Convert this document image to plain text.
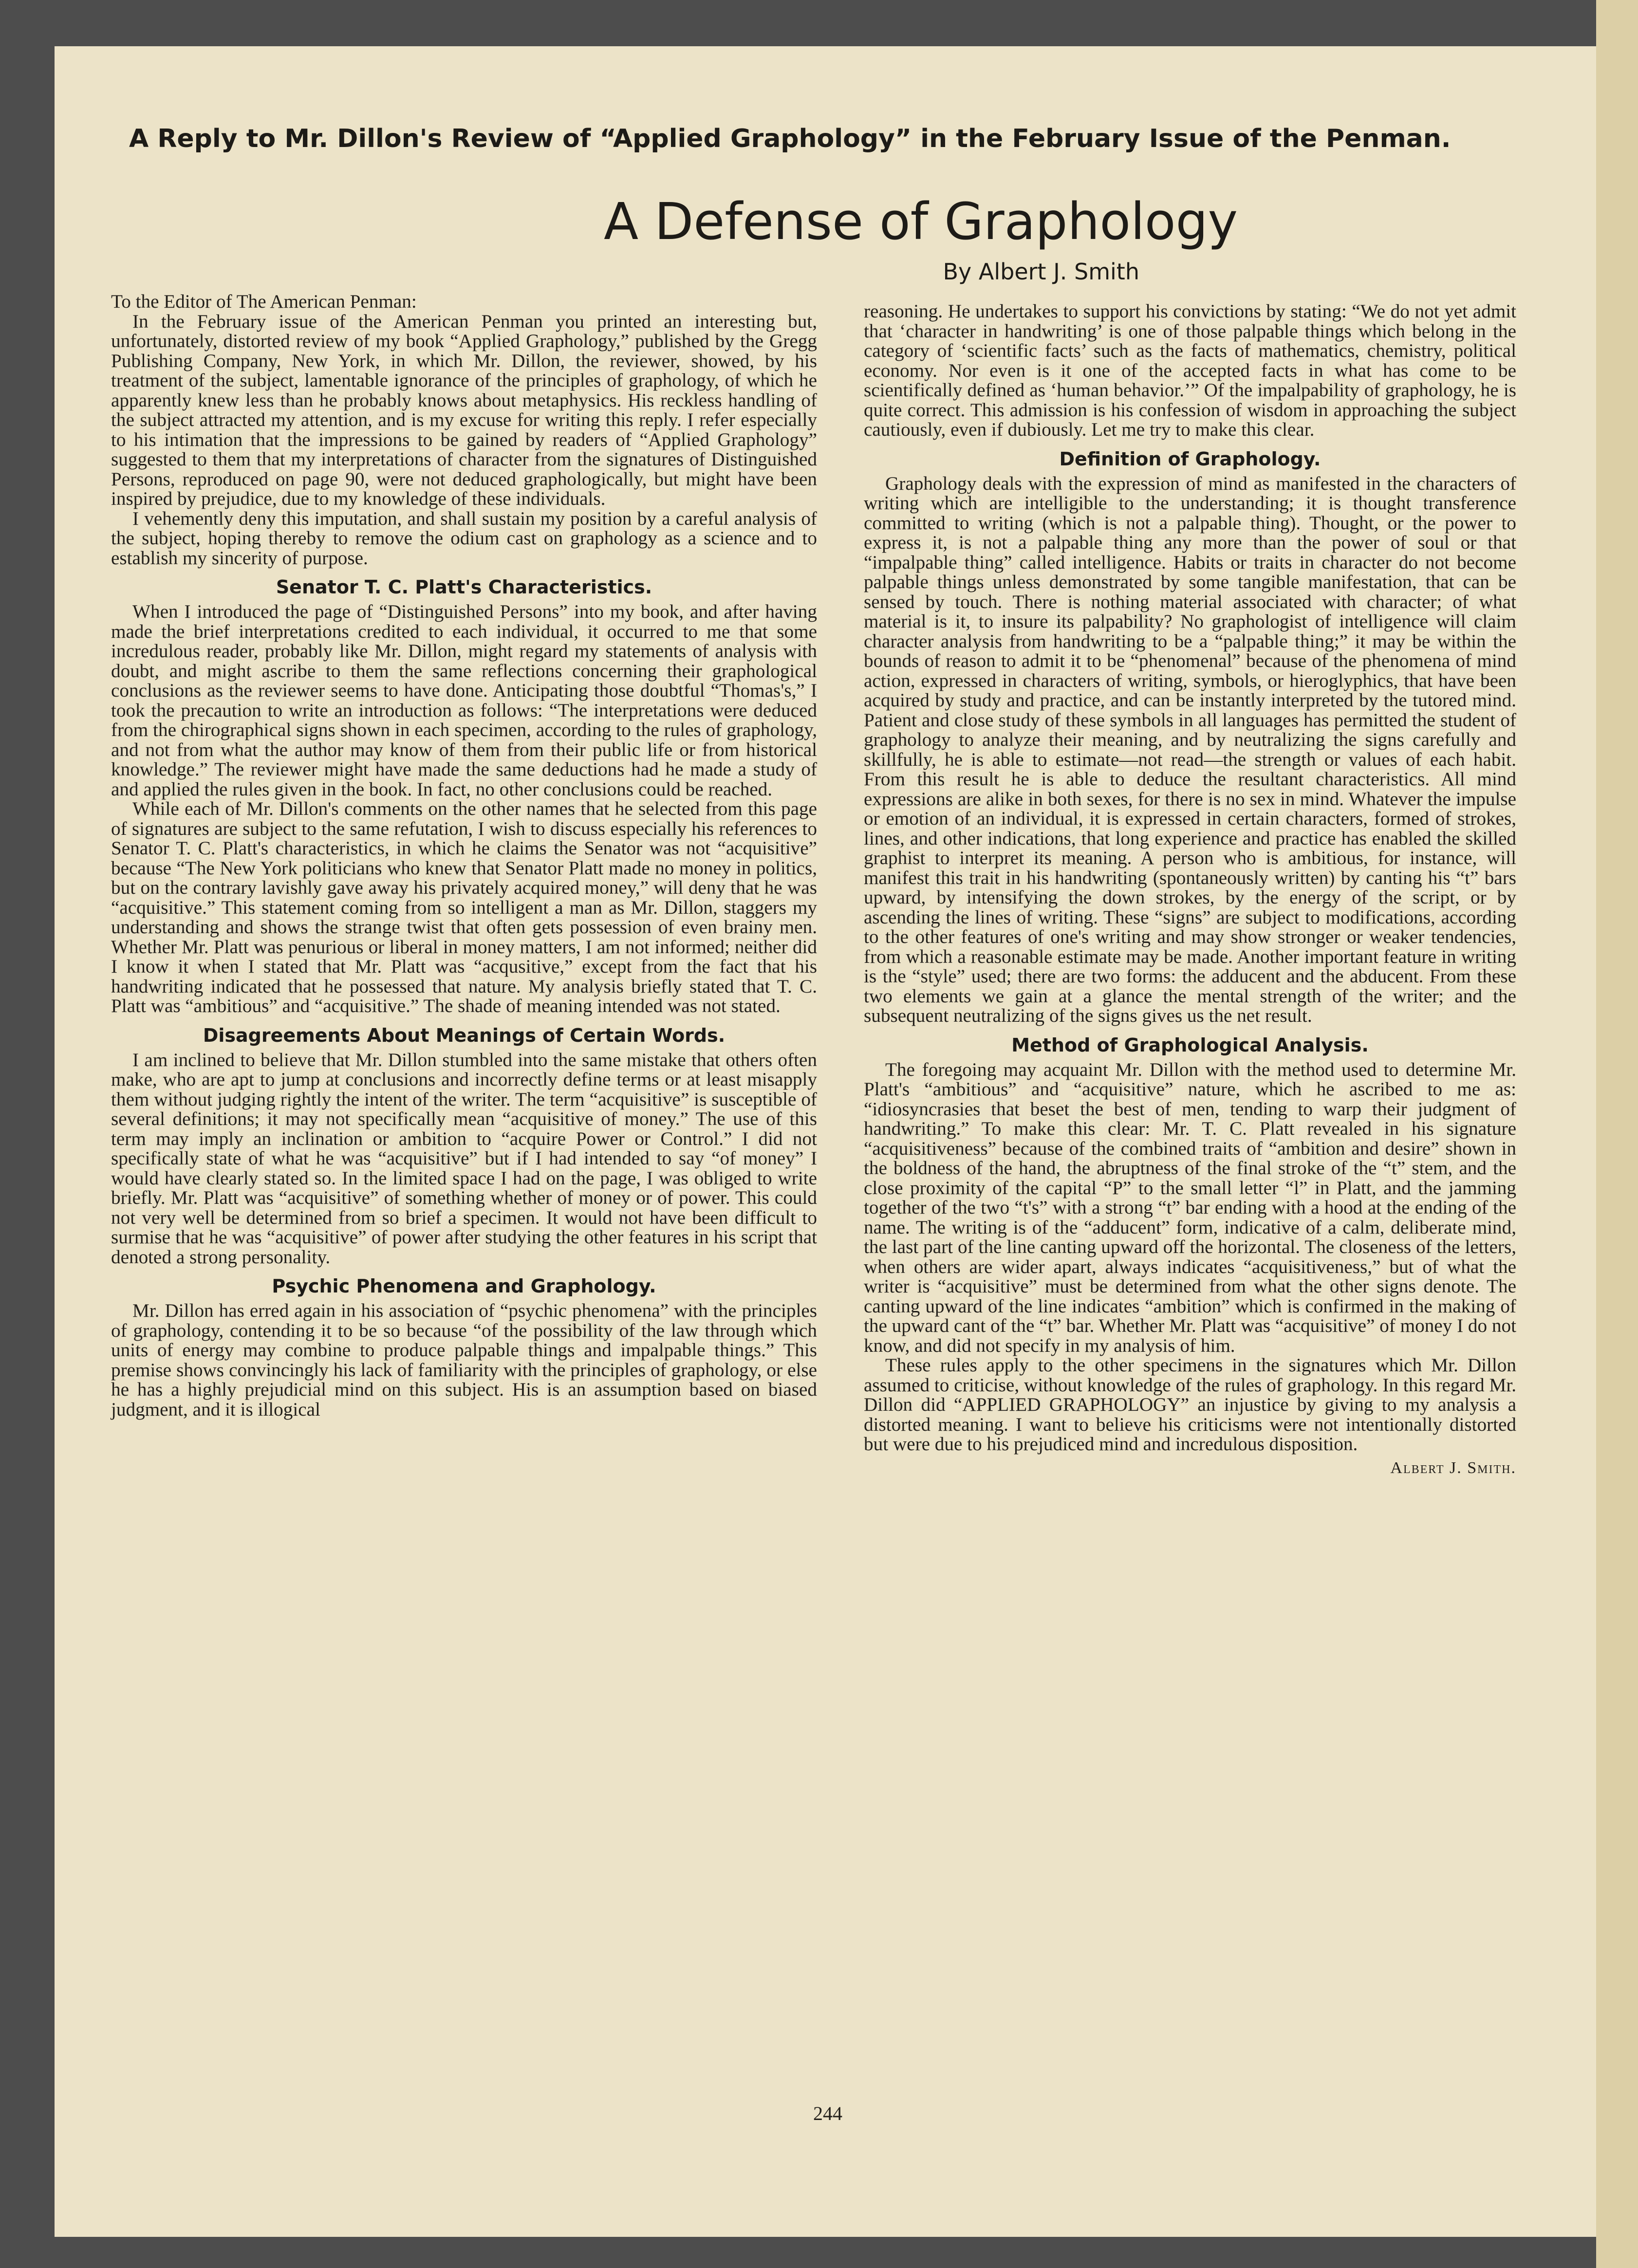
A Reply to Mr. Dillon's Review of “Applied Graphology” in the February Issue of the Penman.
A Defense of Graphology
By Albert J. Smith

To the Editor of The American Penman:

In the February issue of the American Penman you printed an interesting but, unfortunately, distorted review of my book “Applied Graphology,” published by the Gregg Publishing Company, New York, in which Mr. Dillon, the reviewer, showed, by his treatment of the subject, lamentable ignorance of the principles of graphology, of which he apparently knew less than he probably knows about metaphysics. His reckless handling of the subject attracted my attention, and is my excuse for writing this reply. I refer especially to his intimation that the impressions to be gained by readers of “Applied Graphology” suggested to them that my interpretations of character from the signatures of Distinguished Persons, reproduced on page 90, were not deduced graphologically, but might have been inspired by prejudice, due to my knowledge of these individuals.

I vehemently deny this imputation, and shall sustain my position by a careful analysis of the subject, hoping thereby to remove the odium cast on graphology as a science and to establish my sincerity of purpose.

Senator T. C. Platt's Characteristics.

When I introduced the page of “Distinguished Persons” into my book, and after having made the brief interpretations credited to each individual, it occurred to me that some incredulous reader, probably like Mr. Dillon, might regard my statements of analysis with doubt, and might ascribe to them the same reflections concerning their graphological conclusions as the reviewer seems to have done. Anticipating those doubtful “Thomas's,” I took the precaution to write an introduction as follows: “The interpretations were deduced from the chirographical signs shown in each specimen, according to the rules of graphology, and not from what the author may know of them from their public life or from historical knowledge.” The reviewer might have made the same deductions had he made a study of and applied the rules given in the book. In fact, no other conclusions could be reached.

While each of Mr. Dillon's comments on the other names that he selected from this page of signatures are subject to the same refutation, I wish to discuss especially his references to Senator T. C. Platt's characteristics, in which he claims the Senator was not “acquisitive” because “The New York politicians who knew that Senator Platt made no money in politics, but on the contrary lavishly gave away his privately acquired money,” will deny that he was “acquisitive.” This statement coming from so intelligent a man as Mr. Dillon, staggers my understanding and shows the strange twist that often gets possession of even brainy men. Whether Mr. Platt was penurious or liberal in money matters, I am not informed; neither did I know it when I stated that Mr. Platt was “acqusitive,” except from the fact that his handwriting indicated that he possessed that nature. My analysis briefly stated that T. C. Platt was “ambitious” and “acquisitive.” The shade of meaning intended was not stated.

Disagreements About Meanings of Certain Words.

I am inclined to believe that Mr. Dillon stumbled into the same mistake that others often make, who are apt to jump at conclusions and incorrectly define terms or at least misapply them without judging rightly the intent of the writer. The term “acquisitive” is susceptible of several definitions; it may not specifically mean “acquisitive of money.” The use of this term may imply an inclination or ambition to “acquire Power or Control.” I did not specifically state of what he was “acquisitive” but if I had intended to say “of money” I would have clearly stated so. In the limited space I had on the page, I was obliged to write briefly. Mr. Platt was “acquisitive” of something whether of money or of power. This could not very well be determined from so brief a specimen. It would not have been difficult to surmise that he was “acquisitive” of power after studying the other features in his script that denoted a strong personality.

Psychic Phenomena and Graphology.

Mr. Dillon has erred again in his association of “psychic phenomena” with the principles of graphology, contending it to be so because “of the possibility of the law through which units of energy may combine to produce palpable things and impalpable things.” This premise shows convincingly his lack of familiarity with the principles of graphology, or else he has a highly prejudicial mind on this subject. His is an assumption based on biased judgment, and it is illogical

reasoning. He undertakes to support his convictions by stating: “We do not yet admit that ‘character in handwriting’ is one of those palpable things which belong in the category of ‘scientific facts’ such as the facts of mathematics, chemistry, political economy. Nor even is it one of the accepted facts in what has come to be scientifically defined as ‘human behavior.’” Of the impalpability of graphology, he is quite correct. This admission is his confession of wisdom in approaching the subject cautiously, even if dubiously. Let me try to make this clear.

Definition of Graphology.

Graphology deals with the expression of mind as manifested in the characters of writing which are intelligible to the understanding; it is thought transference committed to writing (which is not a palpable thing). Thought, or the power to express it, is not a palpable thing any more than the power of soul or that “impalpable thing” called intelligence. Habits or traits in character do not become palpable things unless demonstrated by some tangible manifestation, that can be sensed by touch. There is nothing material associated with character; of what material is it, to insure its palpability? No graphologist of intelligence will claim character analysis from handwriting to be a “palpable thing;” it may be within the bounds of reason to admit it to be “phenomenal” because of the phenomena of mind action, expressed in characters of writing, symbols, or hieroglyphics, that have been acquired by study and practice, and can be instantly interpreted by the tutored mind. Patient and close study of these symbols in all languages has permitted the student of graphology to analyze their meaning, and by neutralizing the signs carefully and skillfully, he is able to estimate—not read—the strength or values of each habit. From this result he is able to deduce the resultant characteristics. All mind expressions are alike in both sexes, for there is no sex in mind. Whatever the impulse or emotion of an individual, it is expressed in certain characters, formed of strokes, lines, and other indications, that long experience and practice has enabled the skilled graphist to interpret its meaning. A person who is ambitious, for instance, will manifest this trait in his handwriting (spontaneously written) by canting his “t” bars upward, by intensifying the down strokes, by the energy of the script, or by ascending the lines of writing. These “signs” are subject to modifications, according to the other features of one's writing and may show stronger or weaker tendencies, from which a reasonable estimate may be made. Another important feature in writing is the “style” used; there are two forms: the adducent and the abducent. From these two elements we gain at a glance the mental strength of the writer; and the subsequent neutralizing of the signs gives us the net result.

Method of Graphological Analysis.

The foregoing may acquaint Mr. Dillon with the method used to determine Mr. Platt's “ambitious” and “acquisitive” nature, which he ascribed to me as: “idiosyncrasies that beset the best of men, tending to warp their judgment of handwriting.” To make this clear: Mr. T. C. Platt revealed in his signature “acquisitiveness” because of the combined traits of “ambition and desire” shown in the boldness of the hand, the abruptness of the final stroke of the “t” stem, and the close proximity of the capital “P” to the small letter “l” in Platt, and the jamming together of the two “t's” with a strong “t” bar ending with a hood at the ending of the name. The writing is of the “adducent” form, indicative of a calm, deliberate mind, the last part of the line canting upward off the horizontal. The closeness of the letters, when others are wider apart, always indicates “acquisitiveness,” but of what the writer is “acquisitive” must be determined from what the other signs denote. The canting upward of the line indicates “ambition” which is confirmed in the making of the upward cant of the “t” bar. Whether Mr. Platt was “acquisitive” of money I do not know, and did not specify in my analysis of him.

These rules apply to the other specimens in the signatures which Mr. Dillon assumed to criticise, without knowledge of the rules of graphology. In this regard Mr. Dillon did “APPLIED GRAPHOLOGY” an injustice by giving to my analysis a distorted meaning. I want to believe his criticisms were not intentionally distorted but were due to his prejudiced mind and incredulous disposition.

Albert J. Smith.
244
